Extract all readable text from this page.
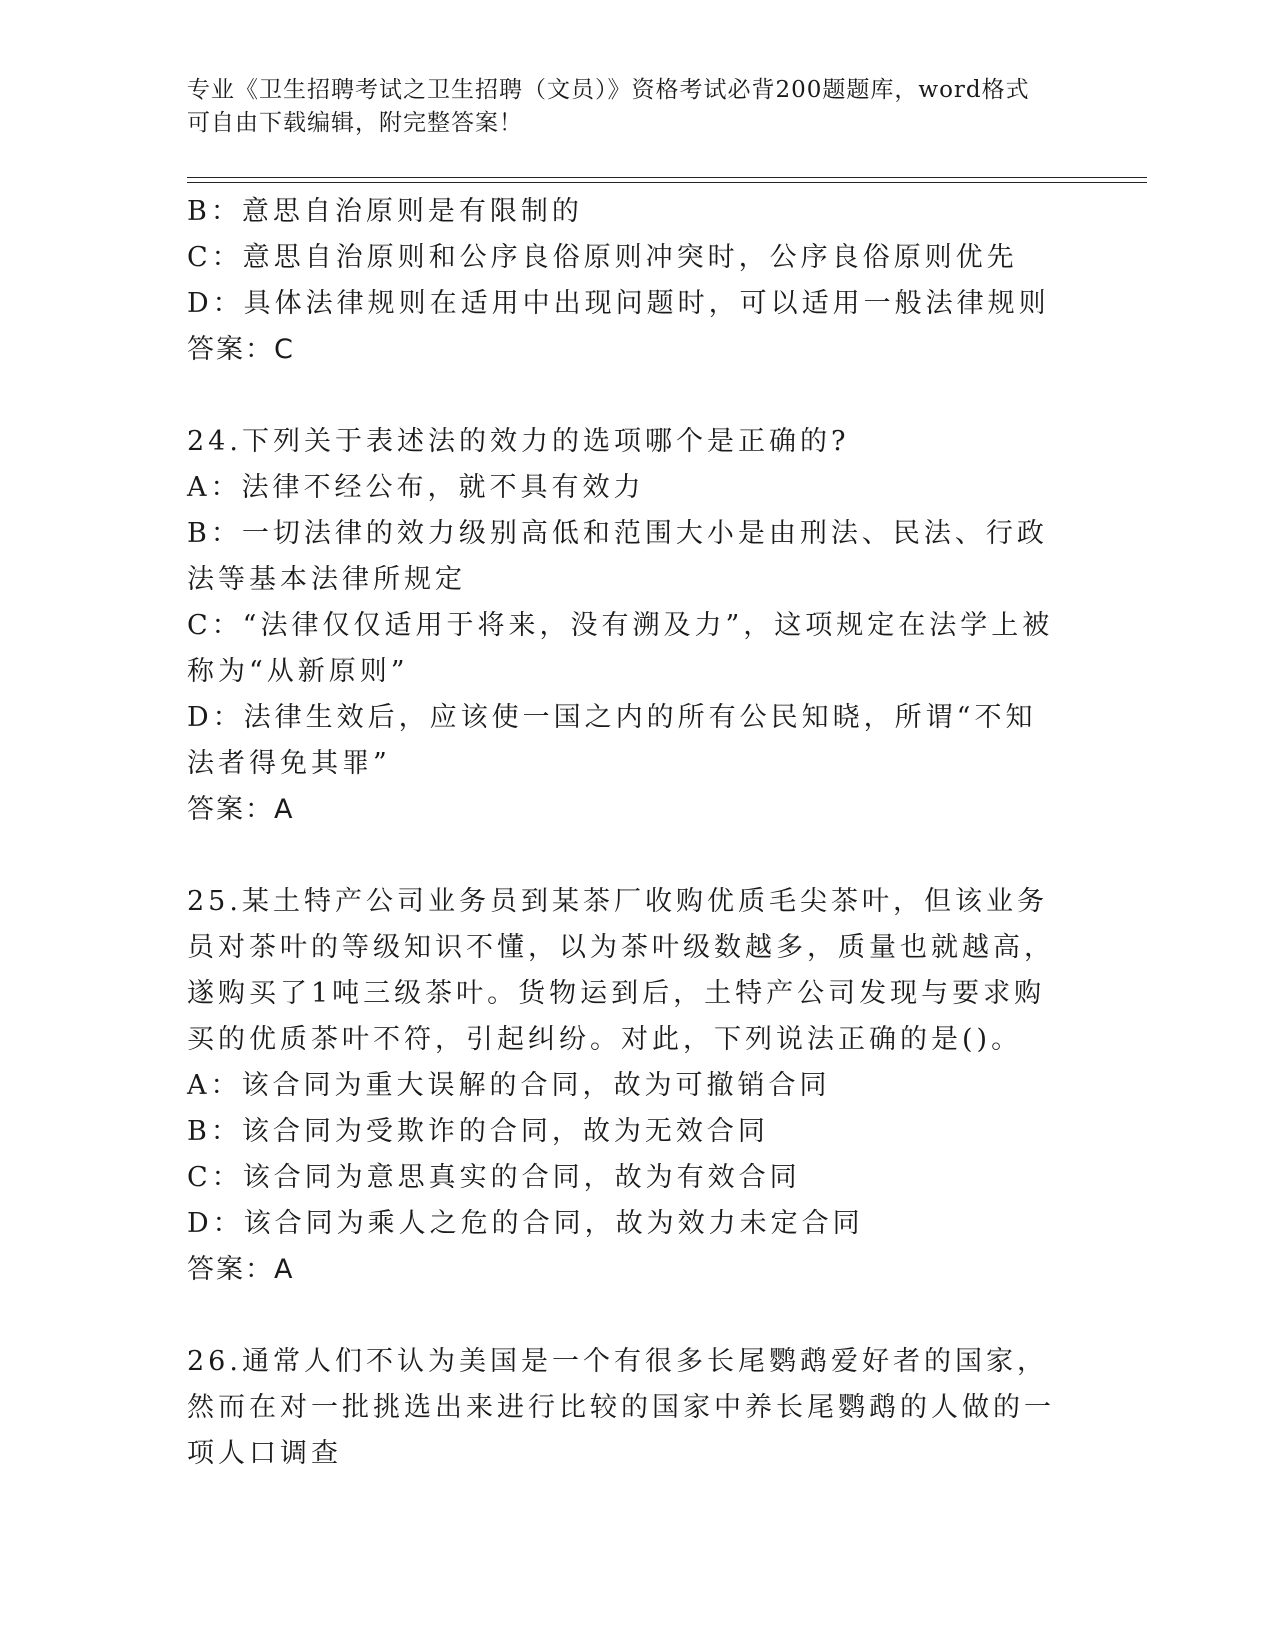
专业《卫生招聘考试之卫生招聘（文员）》资格考试必背200题题库，word格式
可自由下载编辑，附完整答案！

B：意思自治原则是有限制的

C：意思自治原则和公序良俗原则冲突时，公序良俗原则优先

D：具体法律规则在适用中出现问题时，可以适用一般法律规则

答案：C

24.下列关于表述法的效力的选项哪个是正确的?

A：法律不经公布，就不具有效力

B：一切法律的效力级别高低和范围大小是由刑法、民法、行政法等基本法律所规定

C：“法律仅仅适用于将来，没有溯及力”，这项规定在法学上被称为“从新原则”

D：法律生效后，应该使一国之内的所有公民知晓，所谓“不知法者得免其罪”

答案：A

25.某土特产公司业务员到某茶厂收购优质毛尖茶叶，但该业务员对茶叶的等级知识不懂，以为茶叶级数越多，质量也就越高，遂购买了1吨三级茶叶。货物运到后，土特产公司发现与要求购买的优质茶叶不符，引起纠纷。对此，下列说法正确的是()。

A：该合同为重大误解的合同，故为可撤销合同

B：该合同为受欺诈的合同，故为无效合同

C：该合同为意思真实的合同，故为有效合同

D：该合同为乘人之危的合同，故为效力未定合同

答案：A

26.通常人们不认为美国是一个有很多长尾鹦鹉爱好者的国家，然而在对一批挑选出来进行比较的国家中养长尾鹦鹉的人做的一项人口调查
